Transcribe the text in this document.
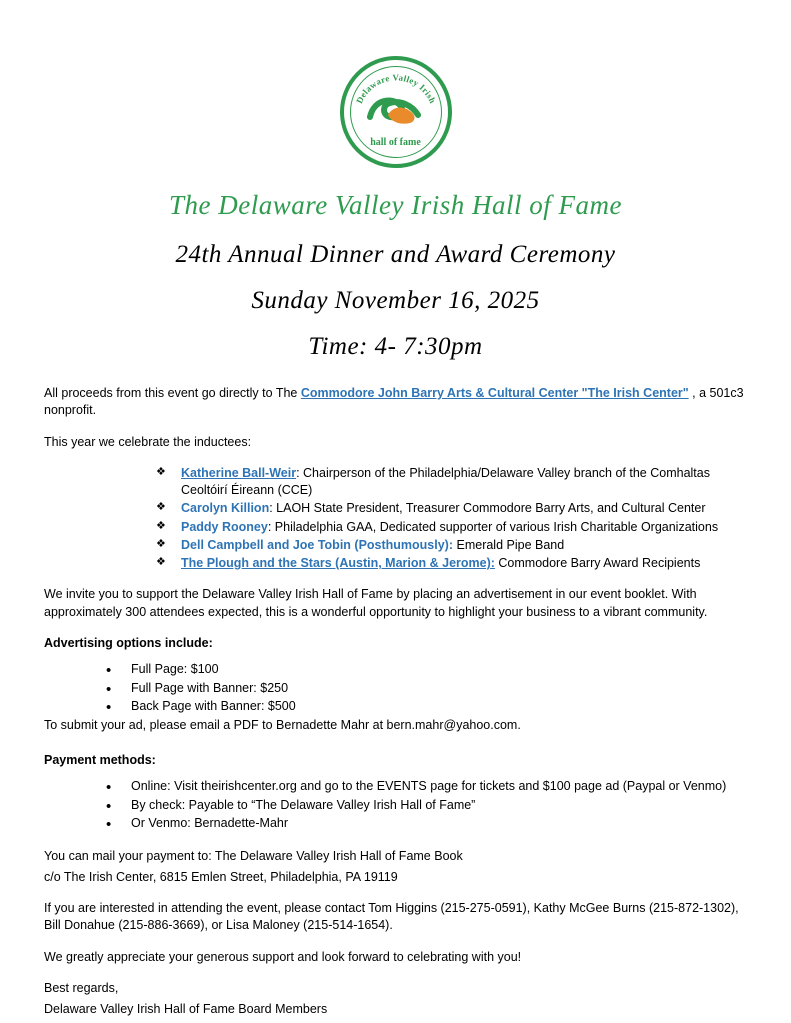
Delaware Valley Irish
hall of fame
The Delaware Valley Irish Hall of Fame
24th Annual Dinner and Award Ceremony
Sunday November 16, 2025
Time: 4- 7:30pm

All proceeds from this event go directly to The Commodore John Barry Arts & Cultural Center "The Irish Center" , a 501c3 nonprofit.

This year we celebrate the inductees:

❖ Katherine Ball-Weir: Chairperson of the Philadelphia/Delaware Valley branch of the Comhaltas Ceoltóirí Éireann (CCE)
❖ Carolyn Killion: LAOH State President, Treasurer Commodore Barry Arts, and Cultural Center
❖ Paddy Rooney: Philadelphia GAA, Dedicated supporter of various Irish Charitable Organizations
❖ Dell Campbell and Joe Tobin (Posthumously): Emerald Pipe Band
❖ The Plough and the Stars (Austin, Marion & Jerome): Commodore Barry Award Recipients

We invite you to support the Delaware Valley Irish Hall of Fame by placing an advertisement in our event booklet. With approximately 300 attendees expected, this is a wonderful opportunity to highlight your business to a vibrant community.

Advertising options include:

• Full Page: $100
• Full Page with Banner: $250
• Back Page with Banner: $500

To submit your ad, please email a PDF to Bernadette Mahr at bern.mahr@yahoo.com.

Payment methods:

• Online: Visit theirishcenter.org and go to the EVENTS page for tickets and $100 page ad (Paypal or Venmo)
• By check: Payable to “The Delaware Valley Irish Hall of Fame”
• Or Venmo: Bernadette-Mahr

You can mail your payment to: The Delaware Valley Irish Hall of Fame Book

c/o The Irish Center, 6815 Emlen Street, Philadelphia, PA 19119

If you are interested in attending the event, please contact Tom Higgins (215-275-0591), Kathy McGee Burns (215-872-1302), Bill Donahue (215-886-3669), or Lisa Maloney (215-514-1654).

We greatly appreciate your generous support and look forward to celebrating with you!

Best regards,

Delaware Valley Irish Hall of Fame Board Members
